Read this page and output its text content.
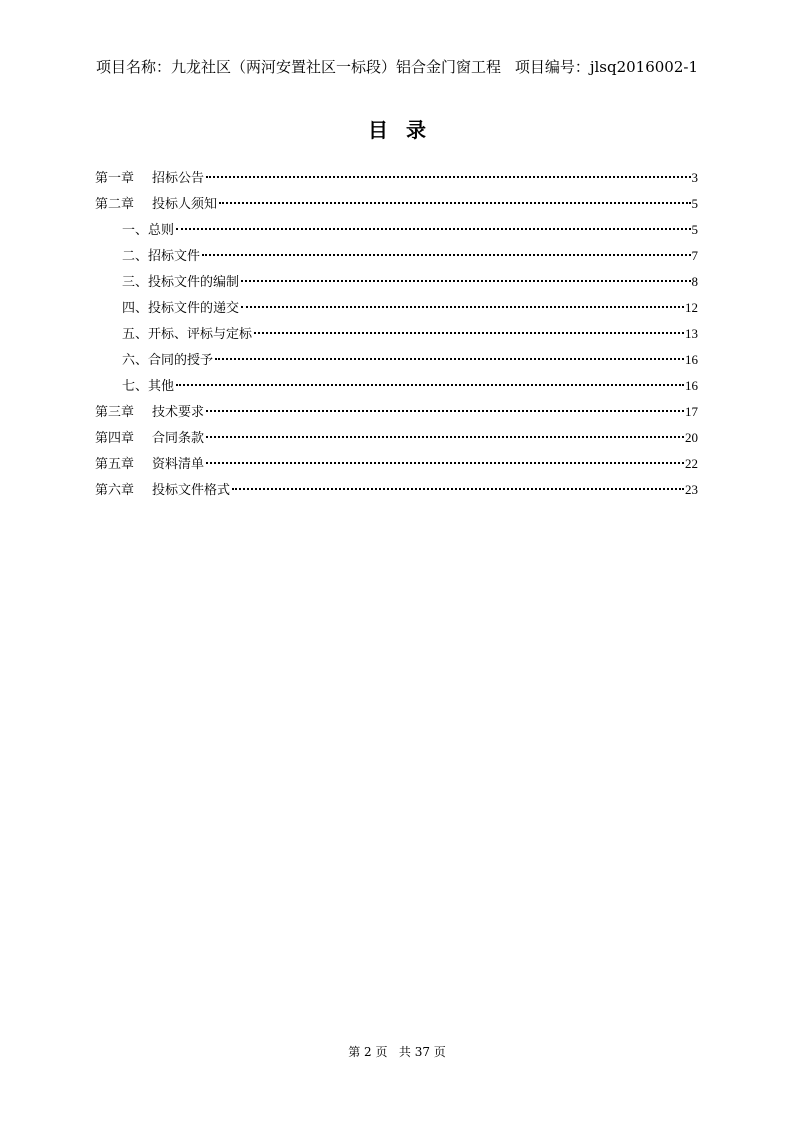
项目名称：九龙社区（两河安置社区一标段）铝合金门窗工程 项目编号：jlsq2016002-1
目录
第一章 招标公告	3
第二章 投标人须知	5
一、总则	5
二、招标文件	7
三、投标文件的编制	8
四、投标文件的递交	12
五、开标、评标与定标	13
六、合同的授予	16
七、其他	16
第三章 技术要求	17
第四章 合同条款	20
第五章 资料清单	22
第六章 投标文件格式	23
第 2 页   共 37 页
